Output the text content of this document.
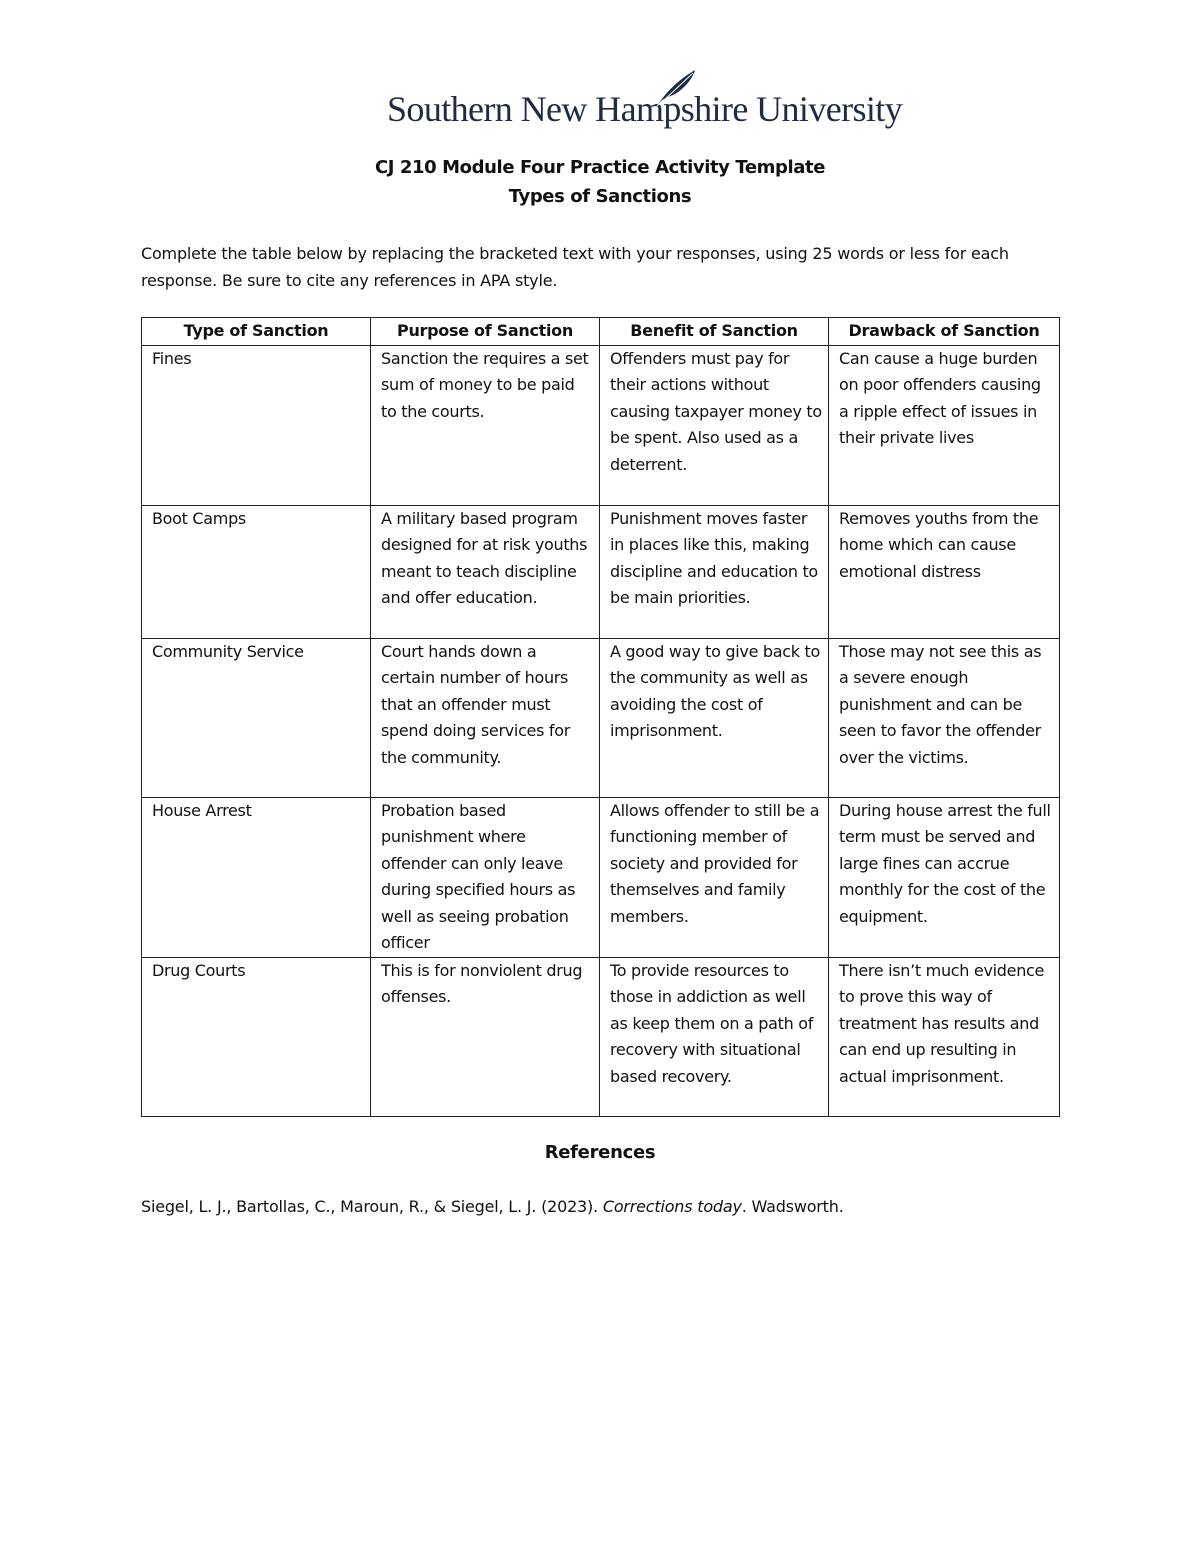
Southern New Hampshire University
CJ 210 Module Four Practice Activity Template
Types of Sanctions
Complete the table below by replacing the bracketed text with your responses, using 25 words or less for each response. Be sure to cite any references in APA style.
Type of Sanction	Purpose of Sanction	Benefit of Sanction	Drawback of Sanction
Fines	Sanction the requires a set sum of money to be paid to the courts.	Offenders must pay for their actions without causing taxpayer money to be spent. Also used as a deterrent.	Can cause a huge burden on poor offenders causing a ripple effect of issues in their private lives
Boot Camps	A military based program designed for at risk youths meant to teach discipline and offer education.	Punishment moves faster in places like this, making discipline and education to be main priorities.	Removes youths from the home which can cause emotional distress
Community Service	Court hands down a certain number of hours that an offender must spend doing services for the community.	A good way to give back to the community as well as avoiding the cost of imprisonment.	Those may not see this as a severe enough punishment and can be seen to favor the offender over the victims.
House Arrest	Probation based punishment where offender can only leave during specified hours as well as seeing probation officer	Allows offender to still be a functioning member of society and provided for themselves and family members.	During house arrest the full term must be served and large fines can accrue monthly for the cost of the equipment.
Drug Courts	This is for nonviolent drug offenses.	To provide resources to those in addiction as well as keep them on a path of recovery with situational based recovery.	There isn’t much evidence to prove this way of treatment has results and can end up resulting in actual imprisonment.
References
Siegel, L. J., Bartollas, C., Maroun, R., & Siegel, L. J. (2023). Corrections today. Wadsworth.
